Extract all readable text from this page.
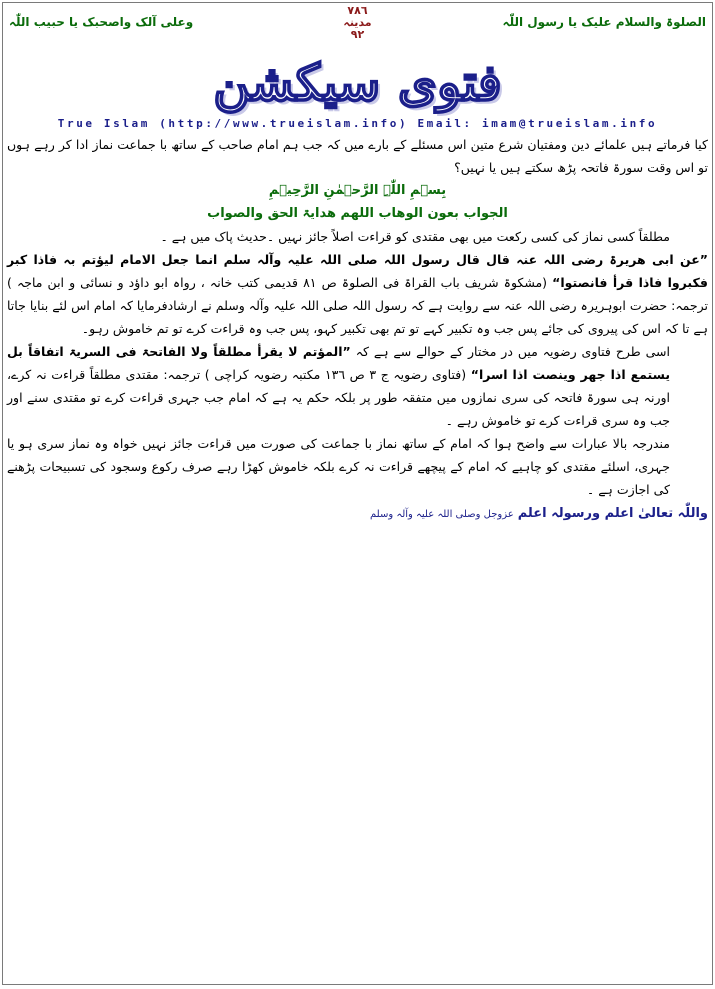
الصلوۃ والسلام علیک یا رسول اللّٰہ
٧٨٦
مدینہ
٩٢
وعلی آلک واصحبک یا حبیب اللّٰہ
فتوی سیکشن
True Islam (http://www.trueislam.info) Email: imam@trueislam.info

کیا فرماتے ہیں علمائے دین ومفتیان شرع متین اس مسئلے کے بارے میں کہ جب ہم امام صاحب کے ساتھ با جماعت نماز ادا کر رہے ہوں تو اس وقت سورۃ فاتحہ پڑھ سکتے ہیں یا نہیں؟

بِسۡمِ اللّٰہِ الرَّحۡمٰنِ الرَّحِیۡمِ

الجواب بعون الوھاب اللھم ھدایۃ الحق والصواب

مطلقاً کسی نماز کی کسی رکعت میں بھی مقتدی کو قراءت اصلاً جائز نہیں ۔حدیث پاک میں ہے ۔

”عن ابی ھریرۃ رضی اللہ عنہ قال قال رسول اللہ صلی اللہ علیہ وآلہ سلم انما جعل الامام لیؤتم بہ فاذا کبر فکبروا فاذا قرأ فانصتوا“ (مشکوۃ شریف باب القراۃ فی الصلوۃ ص ٨١ قدیمی کتب خانہ ، رواہ ابو داؤد و نسائی و ابن ماجہ ) ترجمہ: حضرت ابوہریرہ رضی اللہ عنہ سے روایت ہے کہ رسول اللہ صلی اللہ علیہ وآلہ وسلم نے ارشادفرمایا کہ امام اس لئے بنایا جاتا ہے تا کہ اس کی پیروی کی جائے پس جب وہ تکبیر کہے تو تم بھی تکبیر کہو، پس جب وہ قراءت کرے تو تم خاموش رہو۔

اسی طرح فتاوی رضویہ میں در مختار کے حوالے سے ہے کہ ”المؤتم لا یقرأ مطلقاً ولا الفاتحۃ فی السریۃ اتفاقاً بل یستمع اذا جھر وینصت اذا اسرا“ (فتاوی رضویہ ج ٣ ص ١٣٦ مکتبہ رضویہ کراچی ) ترجمہ: مقتدی مطلقاً قراءت نہ کرے، اورنہ ہی سورۃ فاتحہ کی سری نمازوں میں متفقہ طور پر بلکہ حکم یہ ہے کہ امام جب جہری قراءت کرے تو مقتدی سنے اور جب وہ سری قراءت کرے تو خاموش رہے ۔

مندرجہ بالا عبارات سے واضح ہوا کہ امام کے ساتھ نماز با جماعت کی صورت میں قراءت جائز نہیں خواہ وہ نماز سری ہو یا جہری، اسلئے مقتدی کو چاہیے کہ امام کے پیچھے قراءت نہ کرے بلکہ خاموش کھڑا رہے صرف رکوع وسجود کی تسبیحات پڑھنے کی اجازت ہے ۔

واللّٰہ تعالیٰ اعلم ورسولہ اعلم عزوجل وصلی اللہ علیہ وآلہ وسلم
